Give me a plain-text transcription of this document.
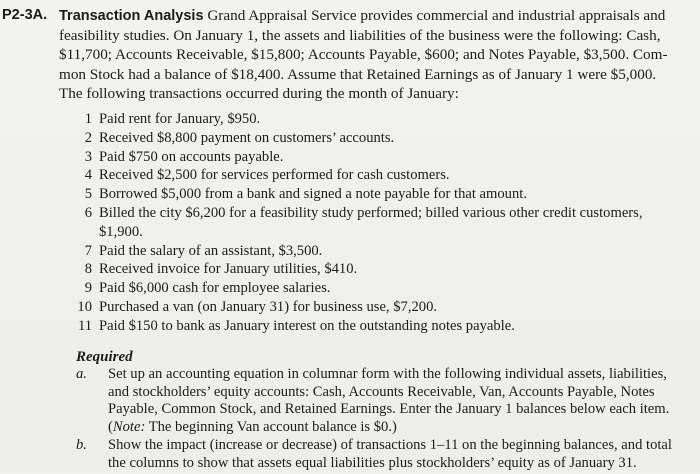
P2-3A. Transaction Analysis Grand Appraisal Service provides commercial and industrial appraisals and
feasibility studies. On January 1, the assets and liabilities of the business were the following: Cash,
$11,700; Accounts Receivable, $15,800; Accounts Payable, $600; and Notes Payable, $3,500. Com-
mon Stock had a balance of $18,400. Assume that Retained Earnings as of January 1 were $5,000.
The following transactions occurred during the month of January:
1 Paid rent for January, $950.
2 Received $8,800 payment on customers’ accounts.
3 Paid $750 on accounts payable.
4 Received $2,500 for services performed for cash customers.
5 Borrowed $5,000 from a bank and signed a note payable for that amount.
6 Billed the city $6,200 for a feasibility study performed; billed various other credit customers,
$1,900.
7 Paid the salary of an assistant, $3,500.
8 Received invoice for January utilities, $410.
9 Paid $6,000 cash for employee salaries.
10 Purchased a van (on January 31) for business use, $7,200.
11 Paid $150 to bank as January interest on the outstanding notes payable.
Required
a.	Set up an accounting equation in columnar form with the following individual assets, liabilities,
and stockholders’ equity accounts: Cash, Accounts Receivable, Van, Accounts Payable, Notes
Payable, Common Stock, and Retained Earnings. Enter the January 1 balances below each item.
(Note: The beginning Van account balance is $0.)
b.	Show the impact (increase or decrease) of transactions 1–11 on the beginning balances, and total
the columns to show that assets equal liabilities plus stockholders’ equity as of January 31.
